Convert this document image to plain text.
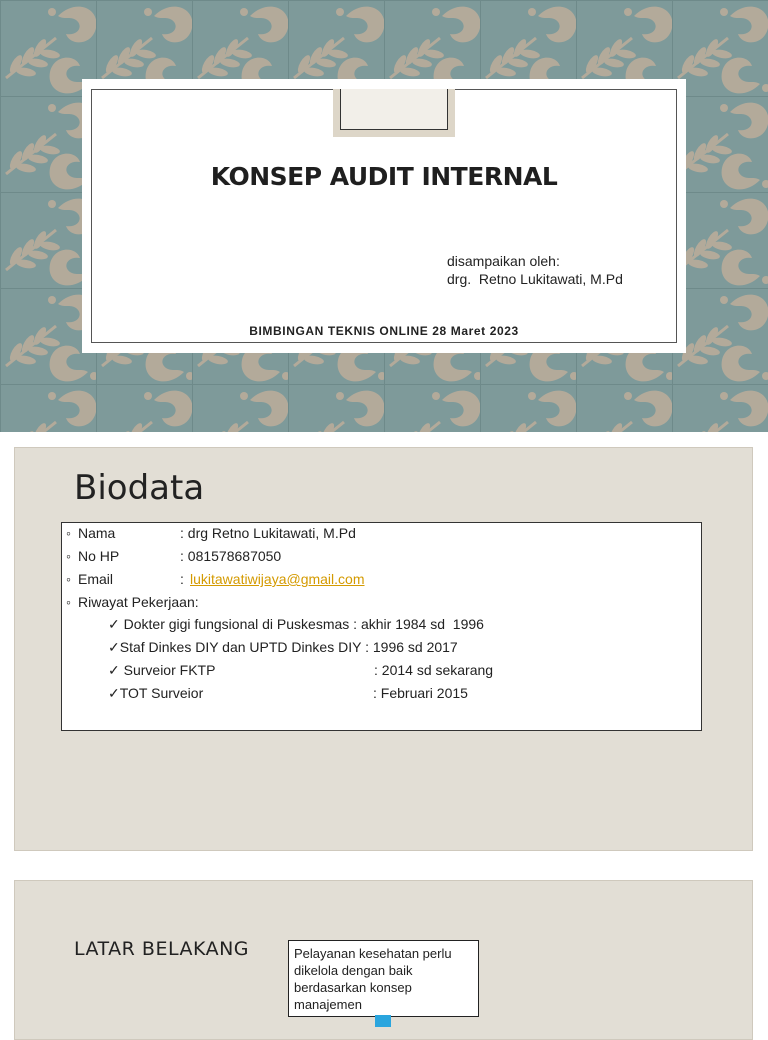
KONSEP AUDIT INTERNAL
disampaikan oleh:
drg.  Retno Lukitawati, M.Pd
BIMBINGAN TEKNIS ONLINE 28 Maret 2023
Biodata
◦ Nama	: drg Retno Lukitawati, M.Pd
◦ No HP	: 081578687050
◦ Email	: lukitawatiwijaya@gmail.com
◦ Riwayat Pekerjaan:
✓ Dokter gigi fungsional di Puskesmas : akhir 1984 sd  1996
✓Staf Dinkes DIY dan UPTD Dinkes DIY : 1996 sd 2017
✓ Surveior FKTP	: 2014 sd sekarang
✓TOT Surveior	: Februari 2015
LATAR BELAKANG	Pelayanan kesehatan perlu dikelola dengan baik berdasarkan konsep manajemen
